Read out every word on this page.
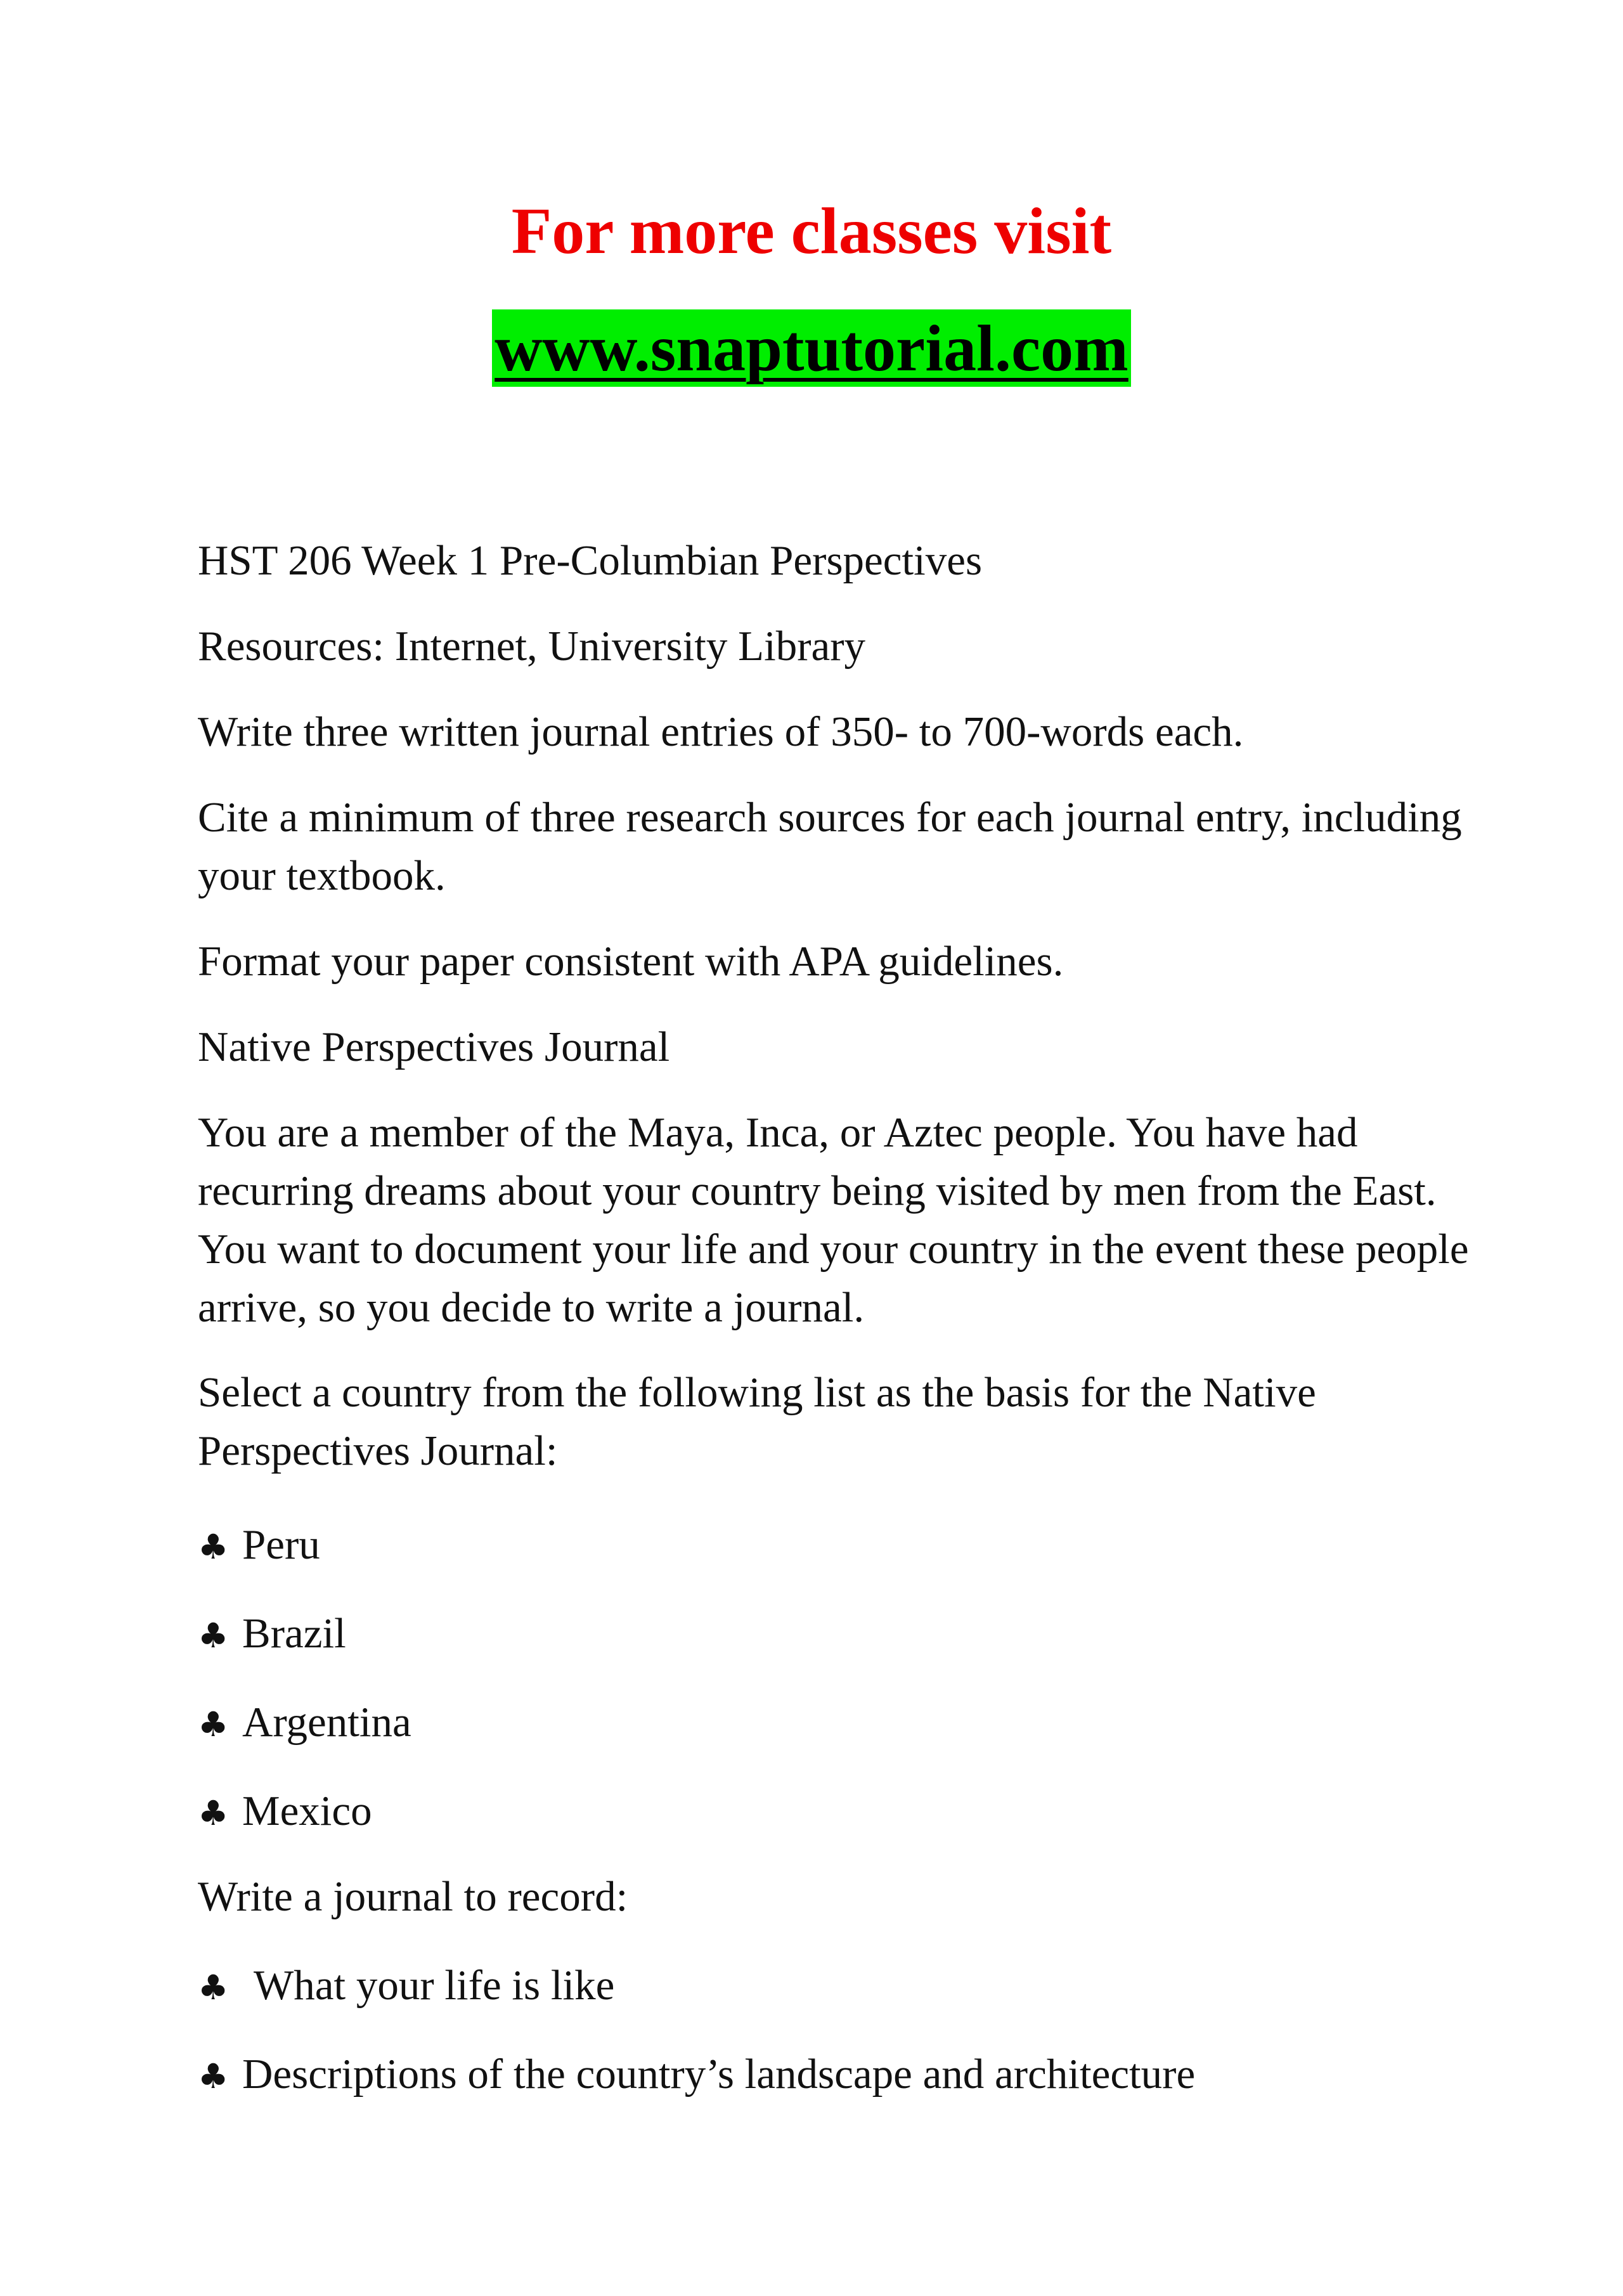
For more classes visit
www.snaptutorial.com

HST 206 Week 1 Pre-Columbian Perspectives

Resources: Internet, University Library

Write three written journal entries of 350- to 700-words each.

Cite a minimum of three research sources for each journal entry, including your textbook.

Format your paper consistent with APA guidelines.

Native Perspectives Journal

You are a member of the Maya, Inca, or Aztec people. You have had recurring dreams about your country being visited by men from the East. You want to document your life and your country in the event these people arrive, so you decide to write a journal.

Select a country from the following list as the basis for the Native Perspectives Journal:

♣ Peru
♣ Brazil
♣ Argentina
♣ Mexico

Write a journal to record:

♣ What your life is like
♣ Descriptions of the country’s landscape and architecture
